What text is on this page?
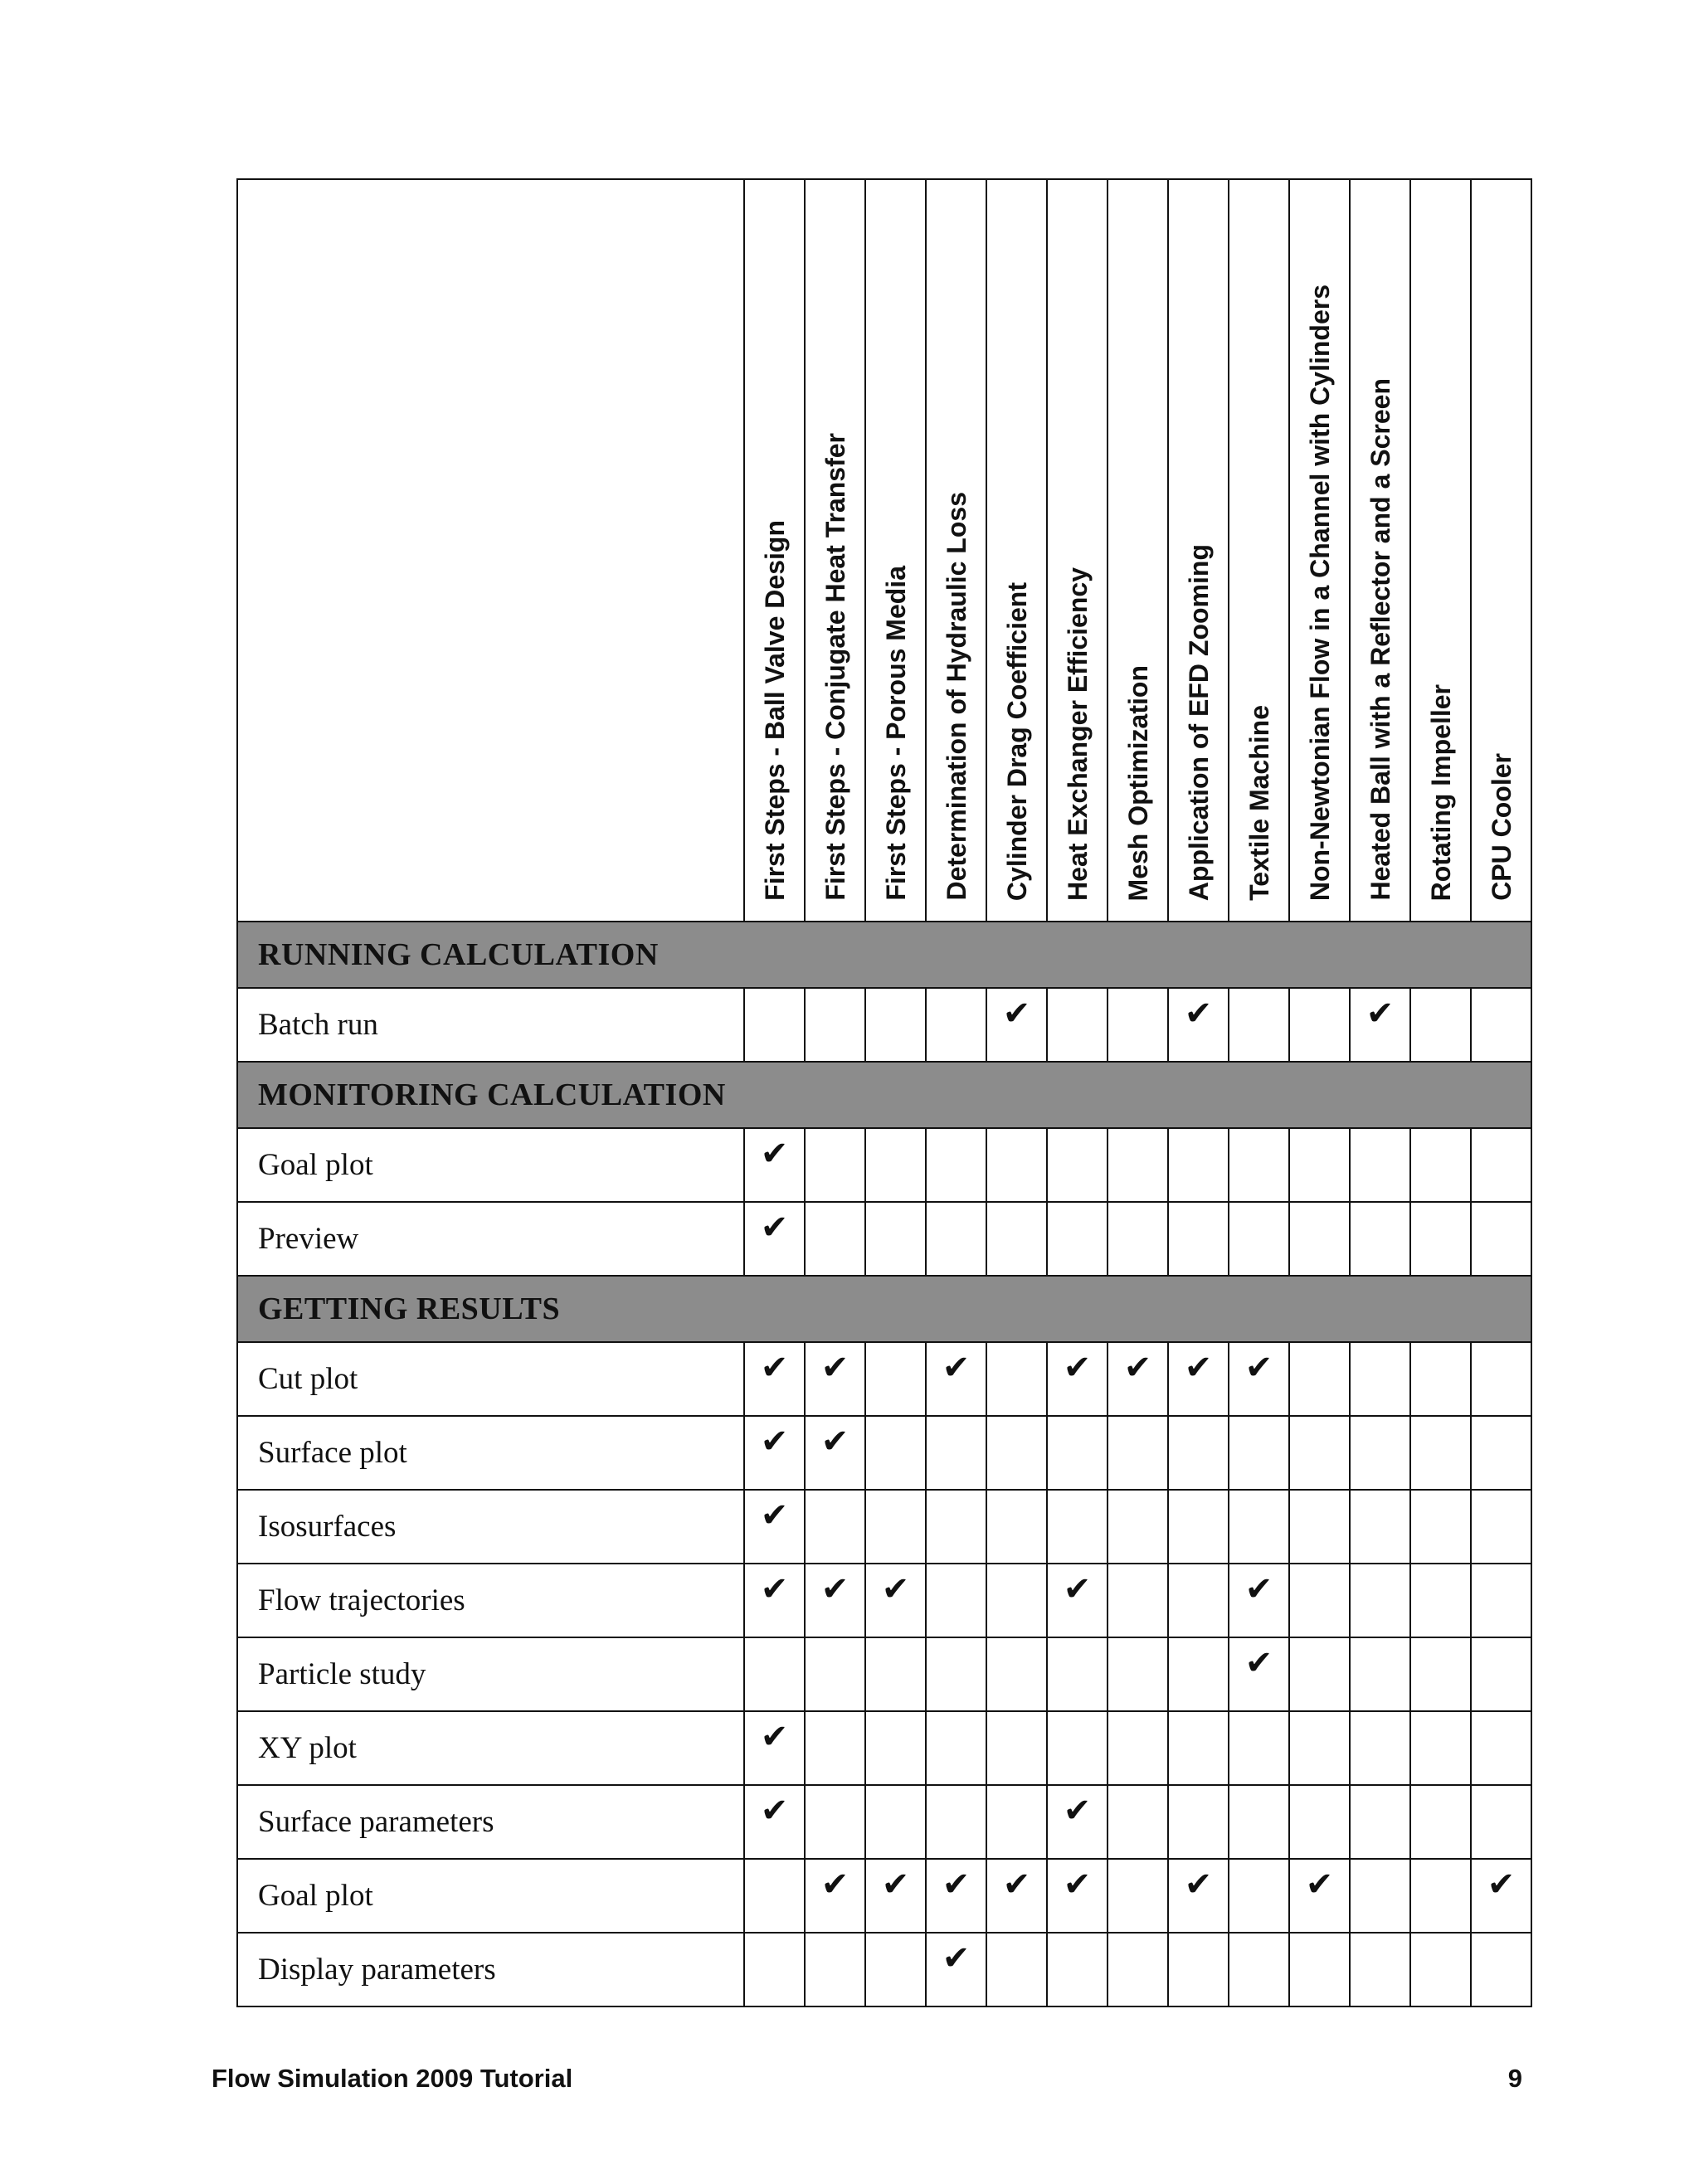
	First Steps - Ball Valve Design	First Steps - Conjugate Heat Transfer	First Steps - Porous Media	Determination of Hydraulic Loss	Cylinder Drag Coefficient	Heat Exchanger Efficiency	Mesh Optimization	Application of EFD Zooming	Textile Machine	Non-Newtonian Flow in a Channel with Cylinders	Heated Ball with a Reflector and a Screen	Rotating Impeller	CPU Cooler

RUNNING CALCULATION													
Batch run					✔			✔			✔		
MONITORING CALCULATION													
Goal plot	✔												
Preview	✔												
GETTING RESULTS													
Cut plot	✔	✔		✔		✔	✔	✔	✔				
Surface plot	✔	✔											
Isosurfaces	✔												
Flow trajectories	✔	✔	✔			✔			✔				
Particle study									✔				
XY plot	✔												
Surface parameters	✔					✔							
Goal plot		✔	✔	✔	✔	✔		✔		✔			✔
Display parameters				✔									
Flow Simulation 2009 Tutorial	9
